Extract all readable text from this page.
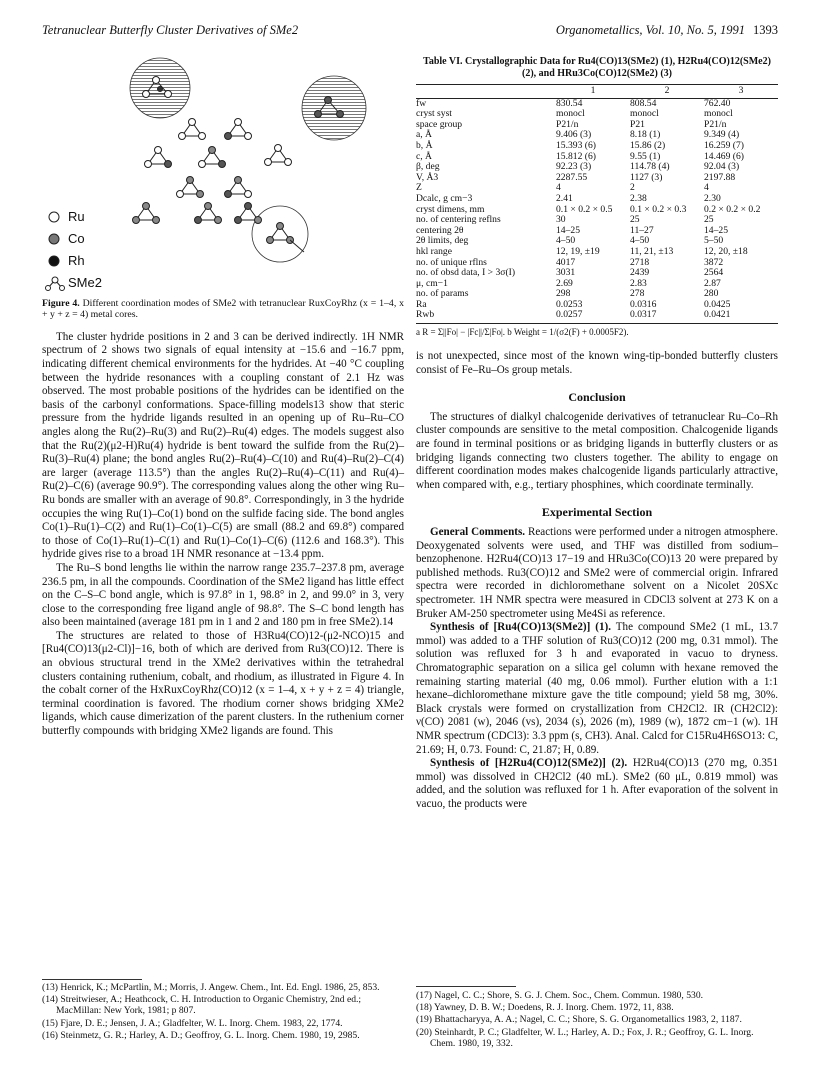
Tetranuclear Butterfly Cluster Derivatives of SMe2	Organometallics, Vol. 10, No. 5, 1991 1393
Ru
Co
Rh
SMe2
Figure 4. Different coordination modes of SMe2 with tetranuclear RuxCoyRhz (x = 1–4, x + y + z = 4) metal cores.

The cluster hydride positions in 2 and 3 can be derived indirectly. 1H NMR spectrum of 2 shows two signals of equal intensity at −15.6 and −16.7 ppm, indicating different chemical environments for the hydrides. At −40 °C coupling between the hydride resonances with a coupling constant of 2.1 Hz was observed. The most probable positions of the hydrides can be identified on the basis of the carbonyl conformations. Space-filling models13 show that steric pressure from the hydride ligands resulted in an opening up of Ru–Ru–CO angles along the Ru(2)–Ru(3) and Ru(2)–Ru(4) edges. The models suggest also that the Ru(2)(μ2-H)Ru(4) hydride is bent toward the sulfide from the Ru(2)–Ru(3)–Ru(4) plane; the bond angles Ru(2)–Ru(4)–C(10) and Ru(4)–Ru(2)–C(4) are larger (average 113.5°) than the angles Ru(2)–Ru(4)–C(11) and Ru(4)–Ru(2)–C(6) (average 90.9°). The corresponding values along the other wing Ru–Ru bonds are smaller with an average of 90.8°. Correspondingly, in 3 the hydride occupies the wing Ru(1)–Co(1) bond on the sulfide facing side. The bond angles Co(1)–Ru(1)–C(2) and Ru(1)–Co(1)–C(5) are small (88.2 and 69.8°) compared to those of Co(1)–Ru(1)–C(1) and Ru(1)–Co(1)–C(6) (112.6 and 168.3°). This hydride gives rise to a broad 1H NMR resonance at −13.4 ppm.

The Ru–S bond lengths lie within the narrow range 235.7–237.8 pm, average 236.5 pm, in all the compounds. Coordination of the SMe2 ligand has little effect on the C–S–C bond angle, which is 97.8° in 1, 98.8° in 2, and 99.0° in 3, very close to the corresponding free ligand angle of 98.8°. The S–C bond length has also been maintained (average 181 pm in 1 and 2 and 180 pm in free SMe2).14

The structures are related to those of H3Ru4(CO)12-(μ2-NCO)15 and [Ru4(CO)13(μ2-Cl)]−16, both of which are derived from Ru3(CO)12. There is an obvious structural trend in the XMe2 derivatives within the tetrahedral clusters containing ruthenium, cobalt, and rhodium, as illustrated in Figure 4. In the cobalt corner of the HxRuxCoyRhz(CO)12 (x = 1–4, x + y + z = 4) triangle, terminal coordination is favored. The rhodium corner shows bridging XMe2 ligands, which cause dimerization of the parent clusters. In the ruthenium corner butterfly compounds with bridging XMe2 ligands are found. This

Table VI. Crystallographic Data for Ru4(CO)13(SMe2) (1), H2Ru4(CO)12(SMe2) (2), and HRu3Co(CO)12(SMe2) (3)
	1	2	3
fw	830.54	808.54	762.40
cryst syst	monocl	monocl	monocl
space group	P21/n	P21	P21/n
a, Å	9.406 (3)	8.18 (1)	9.349 (4)
b, Å	15.393 (6)	15.86 (2)	16.259 (7)
c, Å	15.812 (6)	9.55 (1)	14.469 (6)
β, deg	92.23 (3)	114.78 (4)	92.04 (3)
V, Å3	2287.55	1127 (3)	2197.88
Z	4	2	4
Dcalc, g cm−3	2.41	2.38	2.30
cryst dimens, mm	0.1 × 0.2 × 0.5	0.1 × 0.2 × 0.3	0.2 × 0.2 × 0.2
no. of centering reflns	30	25	25
centering 2θ	14–25	11–27	14–25
2θ limits, deg	4–50	4–50	5–50
hkl range	12, 19, ±19	11, 21, ±13	12, 20, ±18
no. of unique rflns	4017	2718	3872
no. of obsd data, I > 3σ(I)	3031	2439	2564
μ, cm−1	2.69	2.83	2.87
no. of params	298	278	280
Ra	0.0253	0.0316	0.0425
Rwb	0.0257	0.0317	0.0421
a R = Σ||Fo| − |Fc||/Σ|Fo|. b Weight = 1/(σ2(F) + 0.0005F2).

is not unexpected, since most of the known wing-tip-bonded butterfly clusters consist of Fe–Ru–Os group metals.

Conclusion

The structures of dialkyl chalcogenide derivatives of tetranuclear Ru–Co–Rh cluster compounds are sensitive to the metal composition. Chalcogenide ligands are found in terminal positions or as bridging ligands in butterfly clusters or as bridging ligands connecting two clusters together. The ability to engage on different coordination modes makes chalcogenide ligands particularly attractive, when compared with, e.g., tertiary phosphines, which coordinate terminally.

Experimental Section

General Comments. Reactions were performed under a nitrogen atmosphere. Deoxygenated solvents were used, and THF was distilled from sodium–benzophenone. H2Ru4(CO)13 17−19 and HRu3Co(CO)13 20 were prepared by published methods. Ru3(CO)12 and SMe2 were of commercial origin. Infrared spectra were recorded in dichloromethane solvent on a Nicolet 20SXc spectrometer. 1H NMR spectra were measured in CDCl3 solvent at 273 K on a Bruker AM-250 spectrometer using Me4Si as reference.

Synthesis of [Ru4(CO)13(SMe2)] (1). The compound SMe2 (1 mL, 13.7 mmol) was added to a THF solution of Ru3(CO)12 (200 mg, 0.31 mmol). The solution was refluxed for 3 h and evaporated in vacuo to dryness. Chromatographic separation on a silica gel column with hexane removed the remaining starting material (40 mg, 0.06 mmol). Further elution with a 1:1 hexane–dichloromethane mixture gave the title compound; yield 58 mg, 30%. Black crystals were formed on crystallization from CH2Cl2. IR (CH2Cl2): ν(CO) 2081 (w), 2046 (vs), 2034 (s), 2026 (m), 1989 (w), 1872 cm−1 (w). 1H NMR spectrum (CDCl3): 3.3 ppm (s, CH3). Anal. Calcd for C15Ru4H6SO13: C, 21.69; H, 0.73. Found: C, 21.87; H, 0.89.

Synthesis of [H2Ru4(CO)12(SMe2)] (2). H2Ru4(CO)13 (270 mg, 0.351 mmol) was dissolved in CH2Cl2 (40 mL). SMe2 (60 μL, 0.819 mmol) was added, and the solution was refluxed for 1 h. After evaporation of the solvent in vacuo, the products were

(13) Henrick, K.; McPartlin, M.; Morris, J. Angew. Chem., Int. Ed. Engl. 1986, 25, 853.
(14) Streitwieser, A.; Heathcock, C. H. Introduction to Organic Chemistry, 2nd ed.; MacMillan: New York, 1981; p 807.
(15) Fjare, D. E.; Jensen, J. A.; Gladfelter, W. L. Inorg. Chem. 1983, 22, 1774.
(16) Steinmetz, G. R.; Harley, A. D.; Geoffroy, G. L. Inorg. Chem. 1980, 19, 2985.
(17) Nagel, C. C.; Shore, S. G. J. Chem. Soc., Chem. Commun. 1980, 530.
(18) Yawney, D. B. W.; Doedens, R. J. Inorg. Chem. 1972, 11, 838.
(19) Bhattacharyya, A. A.; Nagel, C. C.; Shore, S. G. Organometallics 1983, 2, 1187.
(20) Steinhardt, P. C.; Gladfelter, W. L.; Harley, A. D.; Fox, J. R.; Geoffroy, G. L. Inorg. Chem. 1980, 19, 332.
